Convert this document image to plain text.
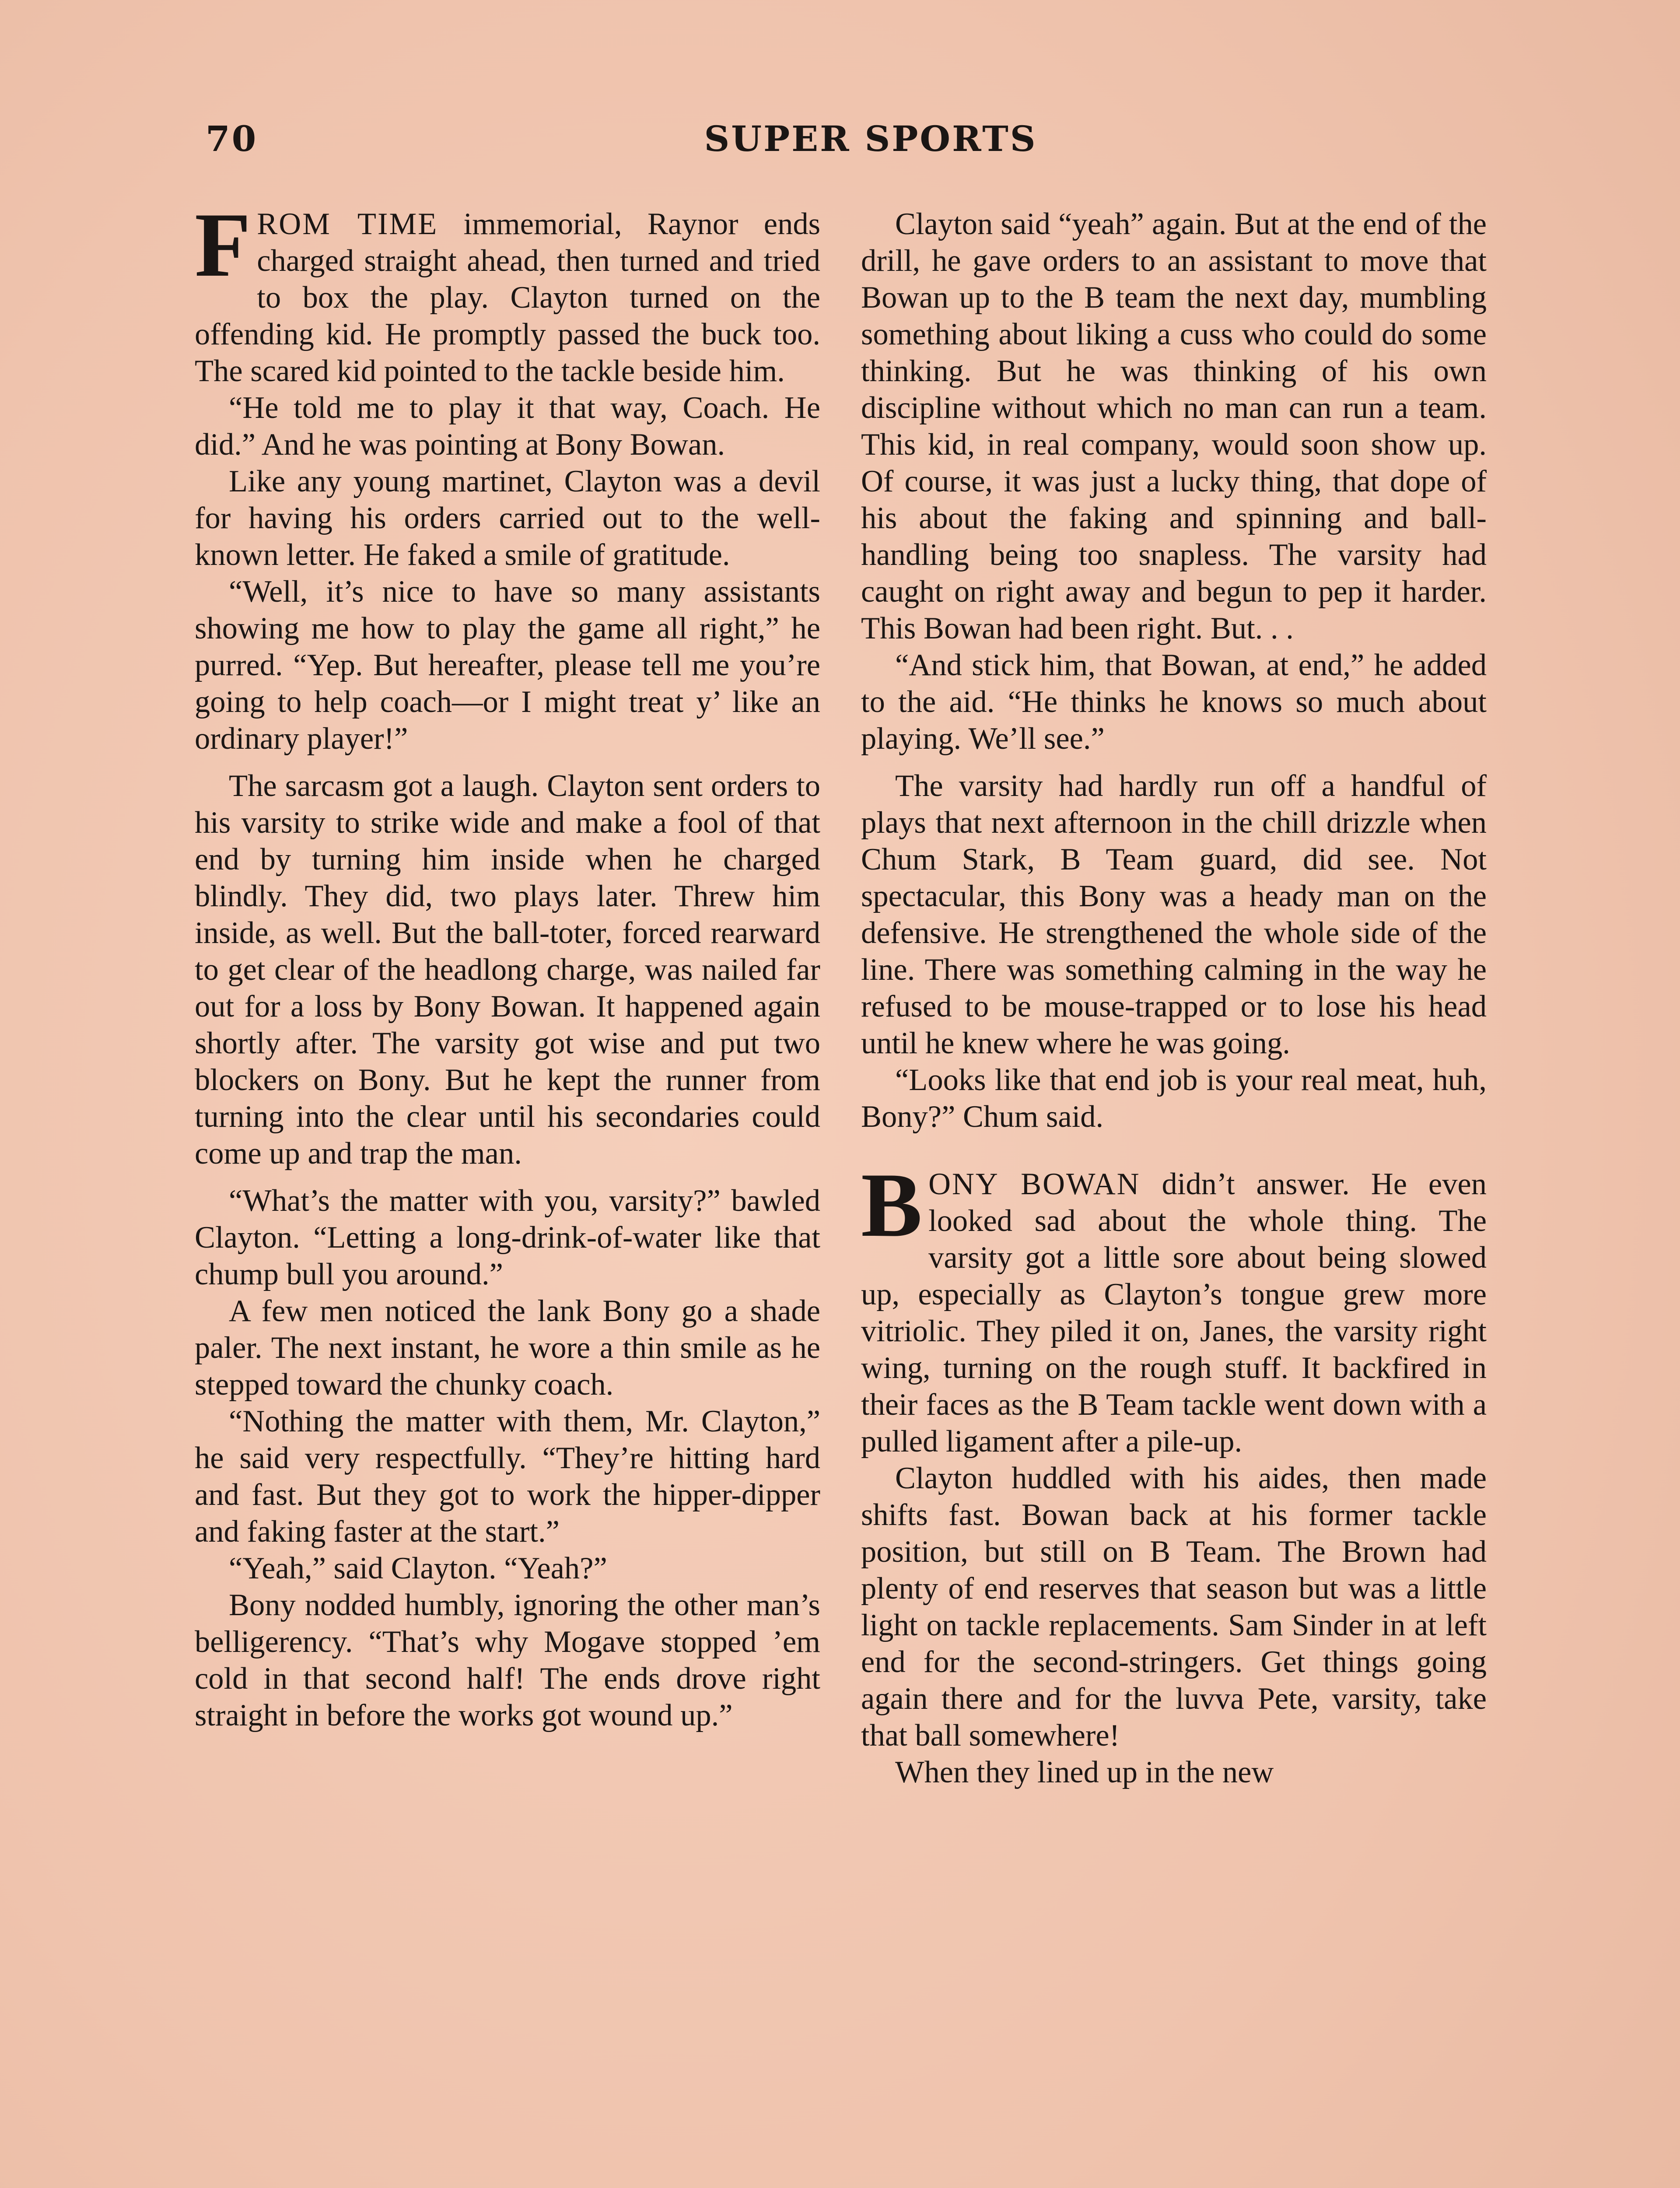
70	SUPER SPORTS

FROM TIME immemorial, Raynor ends charged straight ahead, then turned and tried to box the play. Clayton turned on the offending kid. He promptly passed the buck too. The scared kid pointed to the tackle beside him.

“He told me to play it that way, Coach. He did.” And he was pointing at Bony Bowan.

Like any young martinet, Clayton was a devil for having his orders carried out to the well-known letter. He faked a smile of gratitude.

“Well, it’s nice to have so many assistants showing me how to play the game all right,” he purred. “Yep. But hereafter, please tell me you’re going to help coach—or I might treat y’ like an ordinary player!”

The sarcasm got a laugh. Clayton sent orders to his varsity to strike wide and make a fool of that end by turning him inside when he charged blindly. They did, two plays later. Threw him inside, as well. But the ball-toter, forced rearward to get clear of the headlong charge, was nailed far out for a loss by Bony Bowan. It happened again shortly after. The varsity got wise and put two blockers on Bony. But he kept the runner from turning into the clear until his secondaries could come up and trap the man.

“What’s the matter with you, varsity?” bawled Clayton. “Letting a long-drink-of-water like that chump bull you around.”

A few men noticed the lank Bony go a shade paler. The next instant, he wore a thin smile as he stepped toward the chunky coach.

“Nothing the matter with them, Mr. Clayton,” he said very respectfully. “They’re hitting hard and fast. But they got to work the hipper-dipper and faking faster at the start.”

“Yeah,” said Clayton. “Yeah?”

Bony nodded humbly, ignoring the other man’s belligerency. “That’s why Mogave stopped ’em cold in that second half! The ends drove right straight in before the works got wound up.”

Clayton said “yeah” again. But at the end of the drill, he gave orders to an assistant to move that Bowan up to the B team the next day, mumbling something about liking a cuss who could do some thinking. But he was thinking of his own discipline without which no man can run a team. This kid, in real company, would soon show up. Of course, it was just a lucky thing, that dope of his about the faking and spinning and ball-handling being too snapless. The varsity had caught on right away and begun to pep it harder. This Bowan had been right. But. . .

“And stick him, that Bowan, at end,” he added to the aid. “He thinks he knows so much about playing. We’ll see.”

The varsity had hardly run off a handful of plays that next afternoon in the chill drizzle when Chum Stark, B Team guard, did see. Not spectacular, this Bony was a heady man on the defensive. He strengthened the whole side of the line. There was something calming in the way he refused to be mouse-trapped or to lose his head until he knew where he was going.

“Looks like that end job is your real meat, huh, Bony?” Chum said.

BONY BOWAN didn’t answer. He even looked sad about the whole thing. The varsity got a little sore about being slowed up, especially as Clayton’s tongue grew more vitriolic. They piled it on, Janes, the varsity right wing, turning on the rough stuff. It backfired in their faces as the B Team tackle went down with a pulled ligament after a pile-up.

Clayton huddled with his aides, then made shifts fast. Bowan back at his former tackle position, but still on B Team. The Brown had plenty of end reserves that season but was a little light on tackle replacements. Sam Sinder in at left end for the second-stringers. Get things going again there and for the luvva Pete, varsity, take that ball somewhere!

When they lined up in the new
